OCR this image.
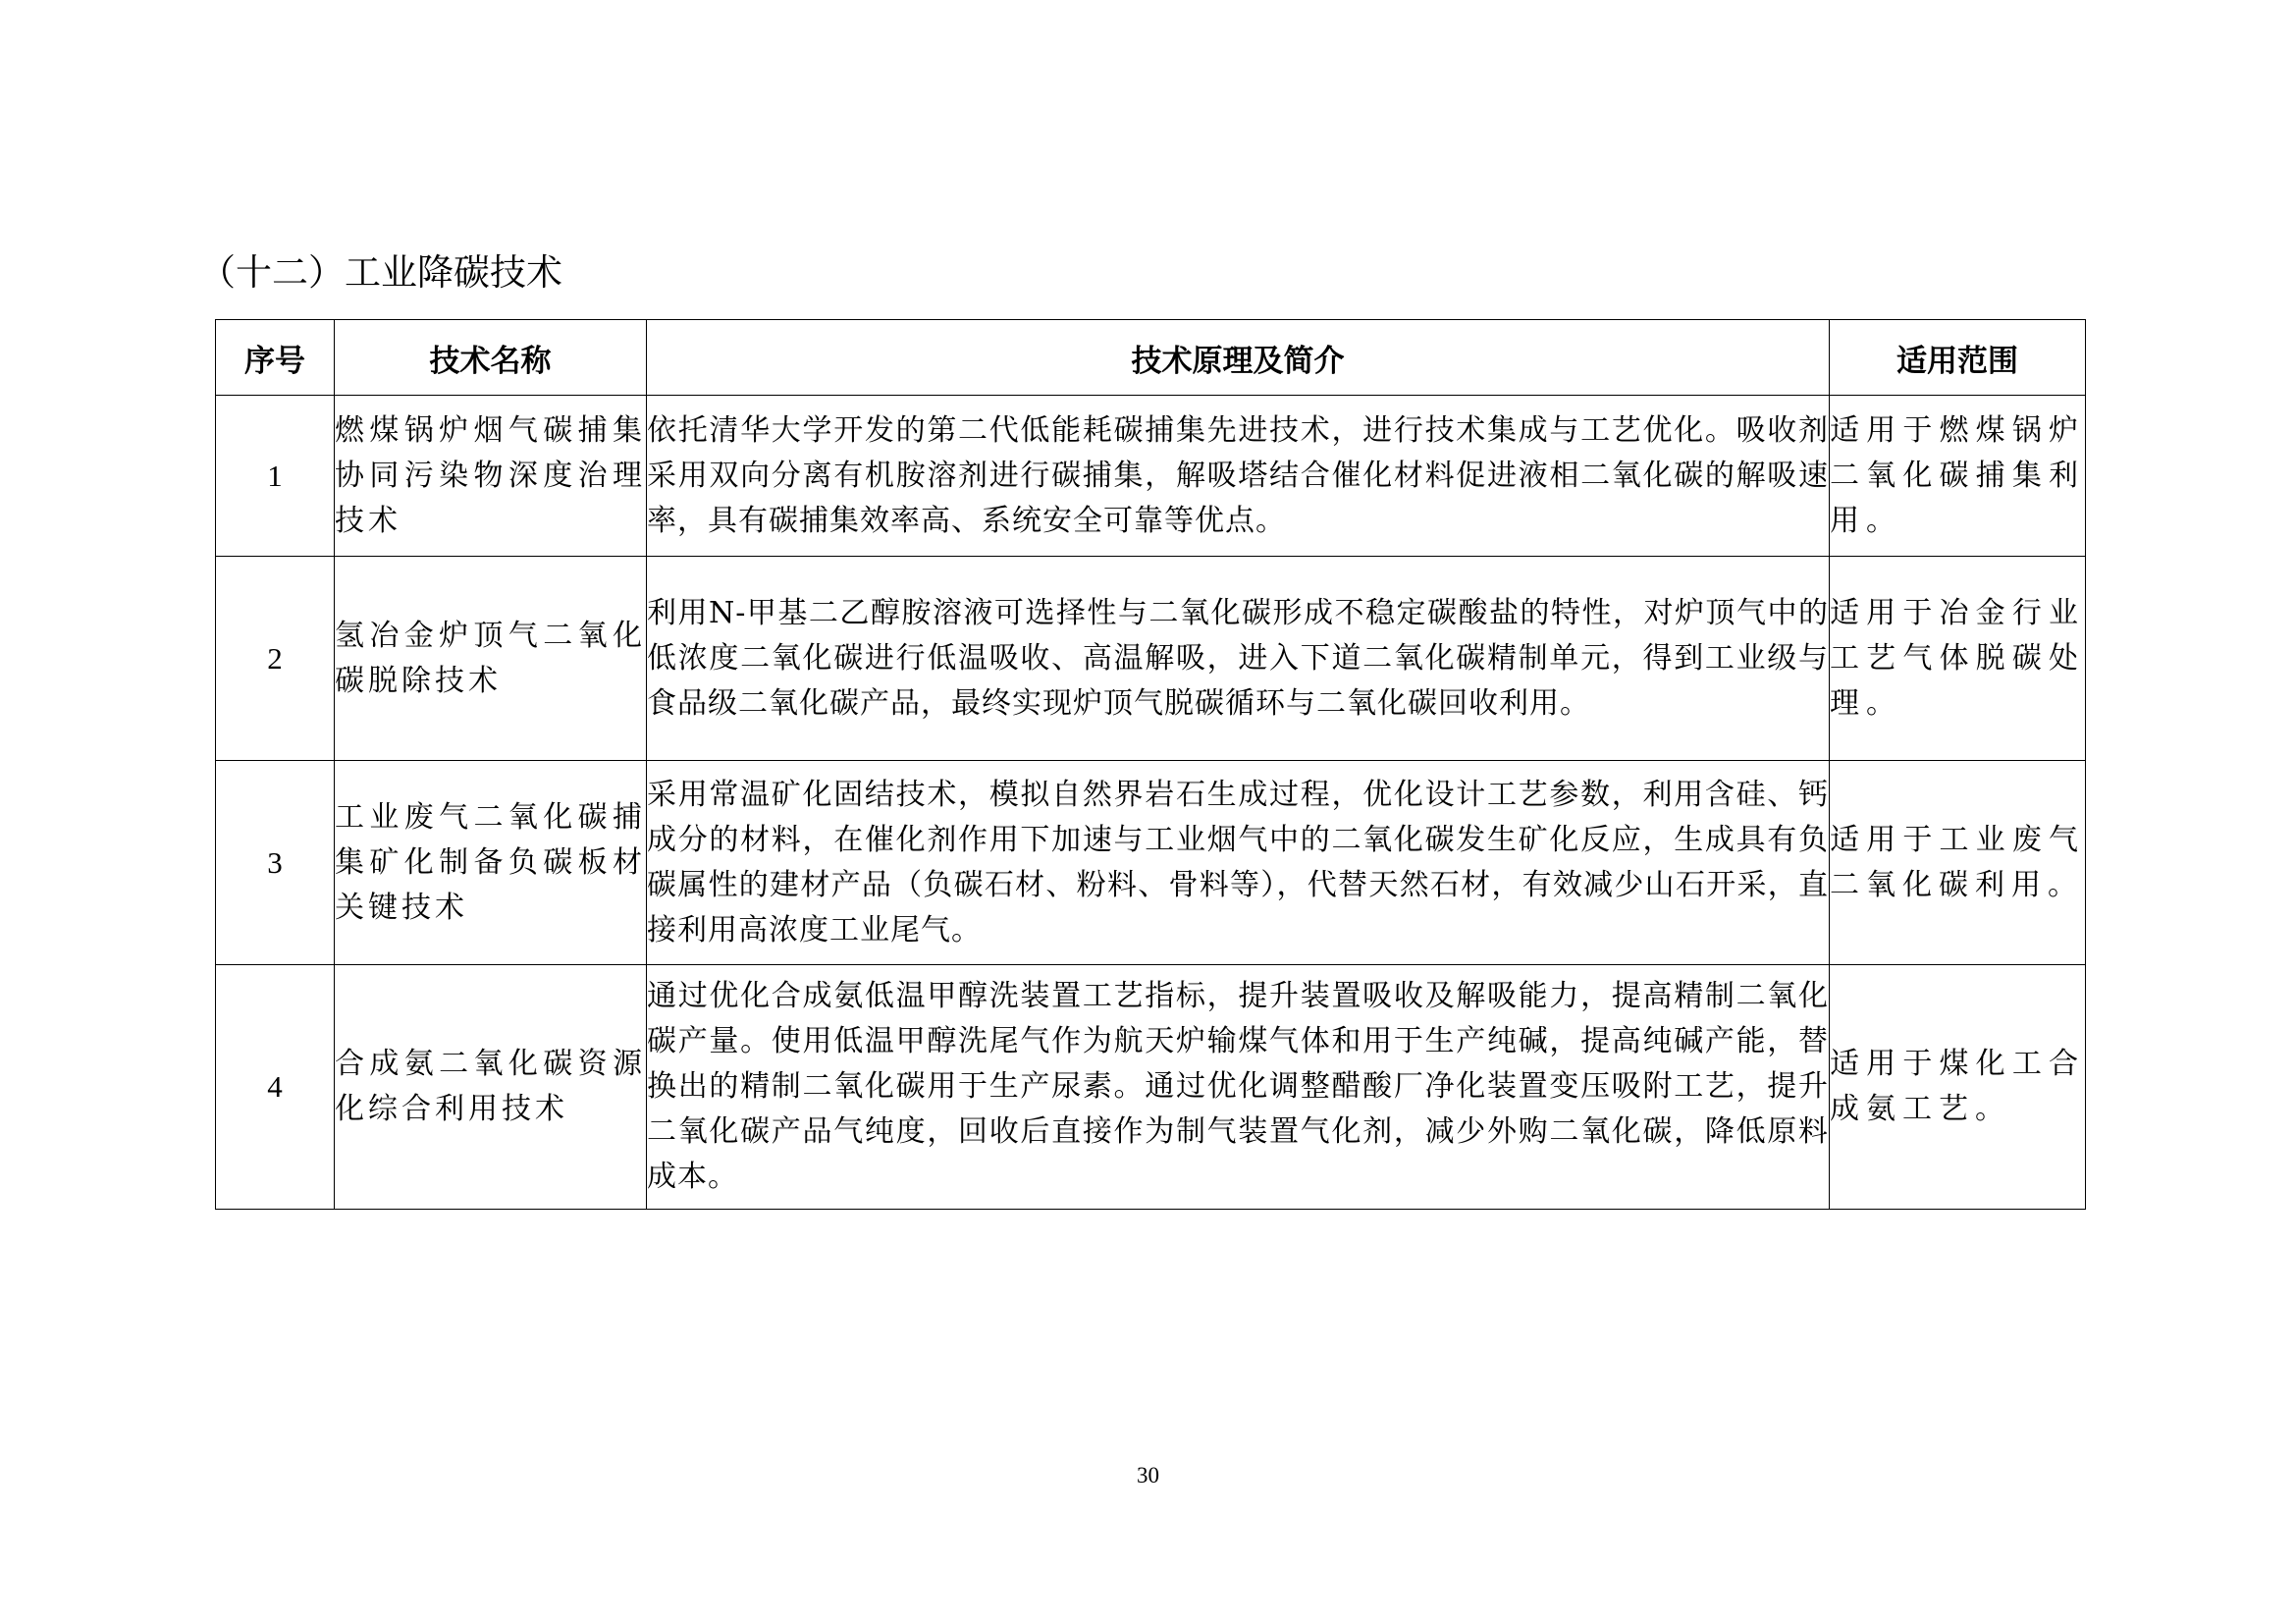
（十二）工业降碳技术
序号	技术名称	技术原理及简介	适用范围
1	燃煤锅炉烟气碳捕集协同污染物深度治理技术	依托清华大学开发的第二代低能耗碳捕集先进技术，进行技术集成与工艺优化。吸收剂采用双向分离有机胺溶剂进行碳捕集，解吸塔结合催化材料促进液相二氧化碳的解吸速率，具有碳捕集效率高、系统安全可靠等优点。	适用于燃煤锅炉二氧化碳捕集利用。
2	氢冶金炉顶气二氧化碳脱除技术	利用N-甲基二乙醇胺溶液可选择性与二氧化碳形成不稳定碳酸盐的特性，对炉顶气中的低浓度二氧化碳进行低温吸收、高温解吸，进入下道二氧化碳精制单元，得到工业级与食品级二氧化碳产品，最终实现炉顶气脱碳循环与二氧化碳回收利用。	适用于冶金行业工艺气体脱碳处理。
3	工业废气二氧化碳捕集矿化制备负碳板材关键技术	采用常温矿化固结技术，模拟自然界岩石生成过程，优化设计工艺参数，利用含硅、钙成分的材料，在催化剂作用下加速与工业烟气中的二氧化碳发生矿化反应，生成具有负碳属性的建材产品（负碳石材、粉料、骨料等），代替天然石材，有效减少山石开采，直接利用高浓度工业尾气。	适用于工业废气二氧化碳利用。
4	合成氨二氧化碳资源化综合利用技术	通过优化合成氨低温甲醇洗装置工艺指标，提升装置吸收及解吸能力，提高精制二氧化碳产量。使用低温甲醇洗尾气作为航天炉输煤气体和用于生产纯碱，提高纯碱产能，替换出的精制二氧化碳用于生产尿素。通过优化调整醋酸厂净化装置变压吸附工艺，提升二氧化碳产品气纯度，回收后直接作为制气装置气化剂，减少外购二氧化碳，降低原料成本。	适用于煤化工合成氨工艺。
30
